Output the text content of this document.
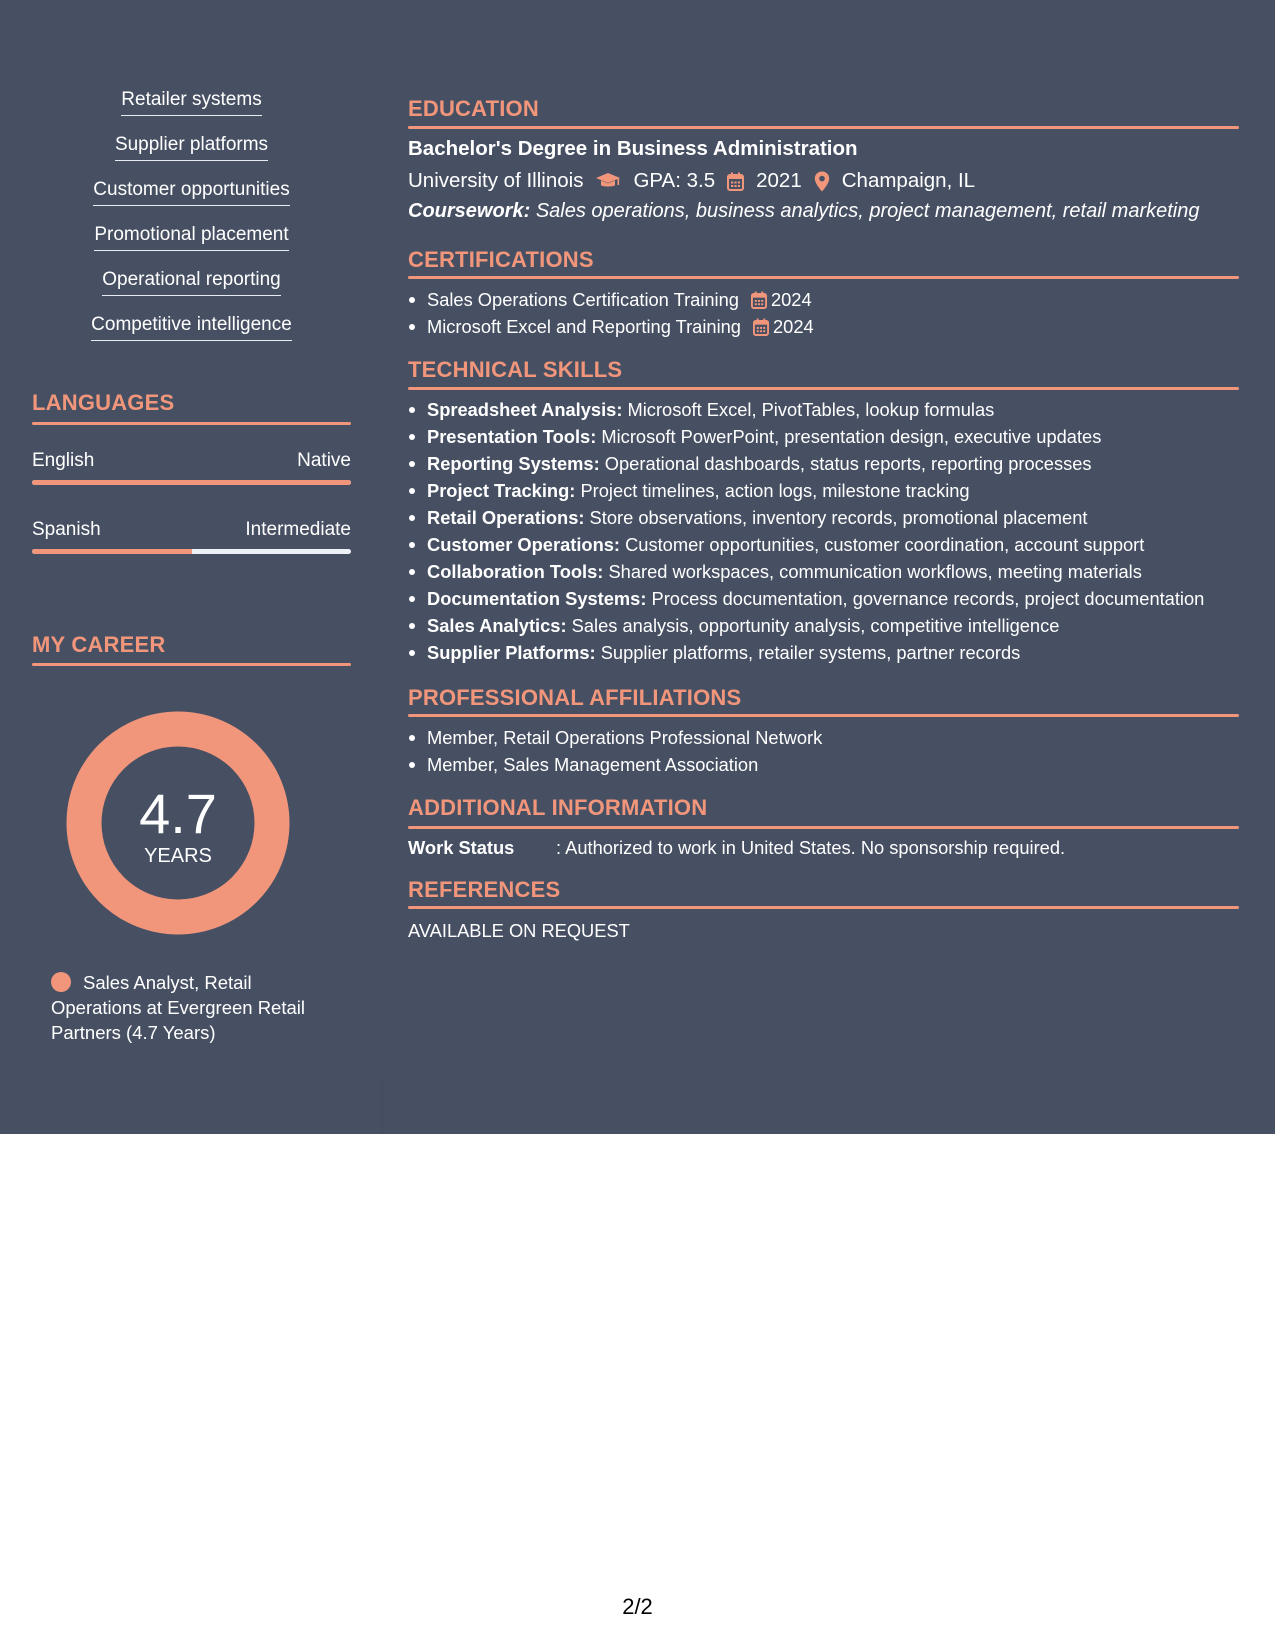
Retailer systems
Supplier platforms
Customer opportunities
Promotional placement
Operational reporting
Competitive intelligence
LANGUAGES
English	Native
Spanish	Intermediate
MY CAREER
4.7
YEARS
Sales Analyst, Retail Operations at Evergreen Retail Partners (4.7 Years)
EDUCATION
Bachelor's Degree in Business Administration
University of Illinois GPA: 3.5 2021 Champaign, IL
Coursework: Sales operations, business analytics, project management, retail marketing
CERTIFICATIONS
Sales Operations Certification Training 2024
Microsoft Excel and Reporting Training 2024
TECHNICAL SKILLS
Spreadsheet Analysis: Microsoft Excel, PivotTables, lookup formulas
Presentation Tools: Microsoft PowerPoint, presentation design, executive updates
Reporting Systems: Operational dashboards, status reports, reporting processes
Project Tracking: Project timelines, action logs, milestone tracking
Retail Operations: Store observations, inventory records, promotional placement
Customer Operations: Customer opportunities, customer coordination, account support
Collaboration Tools: Shared workspaces, communication workflows, meeting materials
Documentation Systems: Process documentation, governance records, project documentation
Sales Analytics: Sales analysis, opportunity analysis, competitive intelligence
Supplier Platforms: Supplier platforms, retailer systems, partner records
PROFESSIONAL AFFILIATIONS
Member, Retail Operations Professional Network
Member, Sales Management Association
ADDITIONAL INFORMATION
Work Status : Authorized to work in United States. No sponsorship required.
REFERENCES
AVAILABLE ON REQUEST
2/2
